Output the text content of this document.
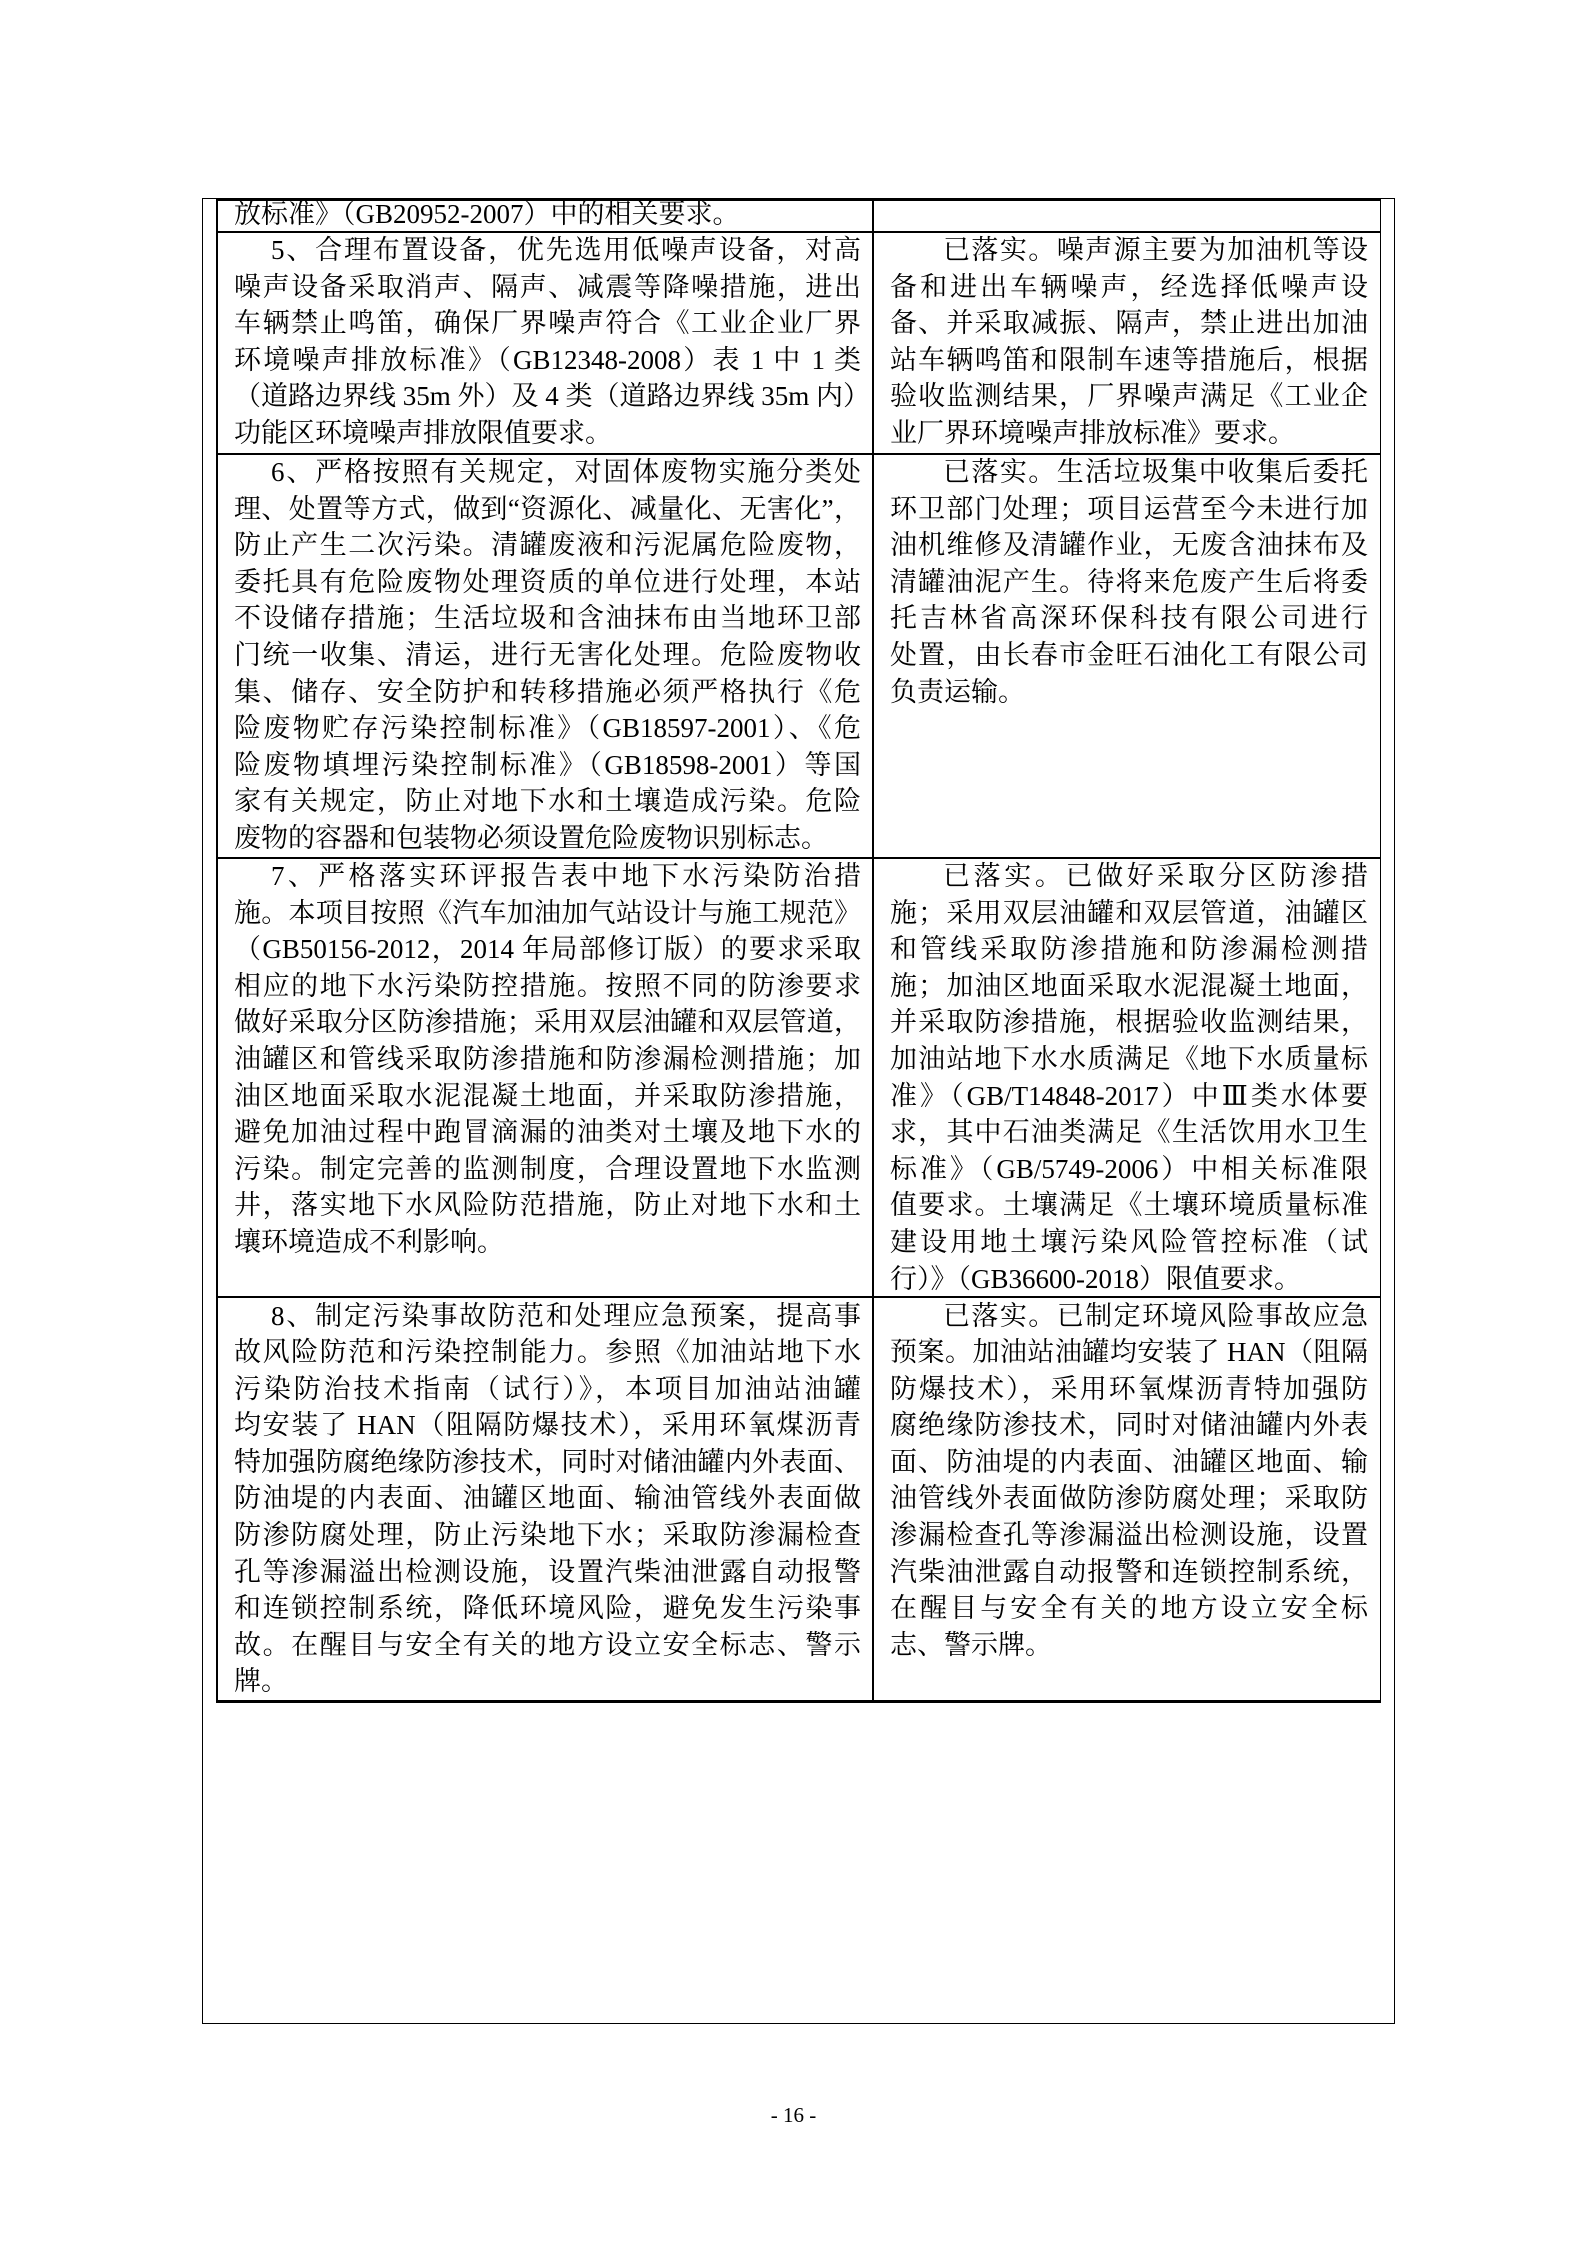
放标准》（GB20952-2007）中的相关要求。
5、合理布置设备，优先选用低噪声设备，对高
噪声设备采取消声、隔声、减震等降噪措施，进出
车辆禁止鸣笛，确保厂界噪声符合《工业企业厂界
环境噪声排放标准》（GB12348-2008）表 1 中 1 类
（道路边界线 35m 外）及 4 类（道路边界线 35m 内）
功能区环境噪声排放限值要求。
已落实。噪声源主要为加油机等设
备和进出车辆噪声，经选择低噪声设
备、并采取减振、隔声，禁止进出加油
站车辆鸣笛和限制车速等措施后，根据
验收监测结果，厂界噪声满足《工业企
业厂界环境噪声排放标准》要求。
6、严格按照有关规定，对固体废物实施分类处
理、处置等方式，做到“资源化、减量化、无害化”，
防止产生二次污染。清罐废液和污泥属危险废物，
委托具有危险废物处理资质的单位进行处理，本站
不设储存措施；生活垃圾和含油抹布由当地环卫部
门统一收集、清运，进行无害化处理。危险废物收
集、储存、安全防护和转移措施必须严格执行《危
险废物贮存污染控制标准》（GB18597-2001）、《危
险废物填埋污染控制标准》（GB18598-2001）等国
家有关规定，防止对地下水和土壤造成污染。危险
废物的容器和包装物必须设置危险废物识别标志。
已落实。生活垃圾集中收集后委托
环卫部门处理；项目运营至今未进行加
油机维修及清罐作业，无废含油抹布及
清罐油泥产生。待将来危废产生后将委
托吉林省高深环保科技有限公司进行
处置，由长春市金旺石油化工有限公司
负责运输。
7、严格落实环评报告表中地下水污染防治措
施。本项目按照《汽车加油加气站设计与施工规范》
（GB50156-2012，2014 年局部修订版）的要求采取
相应的地下水污染防控措施。按照不同的防渗要求
做好采取分区防渗措施；采用双层油罐和双层管道，
油罐区和管线采取防渗措施和防渗漏检测措施；加
油区地面采取水泥混凝土地面，并采取防渗措施，
避免加油过程中跑冒滴漏的油类对土壤及地下水的
污染。制定完善的监测制度，合理设置地下水监测
井，落实地下水风险防范措施，防止对地下水和土
壤环境造成不利影响。
已落实。已做好采取分区防渗措
施；采用双层油罐和双层管道，油罐区
和管线采取防渗措施和防渗漏检测措
施；加油区地面采取水泥混凝土地面，
并采取防渗措施，根据验收监测结果，
加油站地下水水质满足《地下水质量标
准》（GB/T14848-2017）中Ⅲ类水体要
求，其中石油类满足《生活饮用水卫生
标准》（GB/5749-2006）中相关标准限
值要求。土壤满足《土壤环境质量标准
建设用地土壤污染风险管控标准（试
行）》（GB36600-2018）限值要求。
8、制定污染事故防范和处理应急预案，提高事
故风险防范和污染控制能力。参照《加油站地下水
污染防治技术指南（试行）》，本项目加油站油罐
均安装了 HAN（阻隔防爆技术），采用环氧煤沥青
特加强防腐绝缘防渗技术，同时对储油罐内外表面、
防油堤的内表面、油罐区地面、输油管线外表面做
防渗防腐处理，防止污染地下水；采取防渗漏检查
孔等渗漏溢出检测设施，设置汽柴油泄露自动报警
和连锁控制系统，降低环境风险，避免发生污染事
故。在醒目与安全有关的地方设立安全标志、警示
牌。
已落实。已制定环境风险事故应急
预案。加油站油罐均安装了 HAN（阻隔
防爆技术），采用环氧煤沥青特加强防
腐绝缘防渗技术，同时对储油罐内外表
面、防油堤的内表面、油罐区地面、输
油管线外表面做防渗防腐处理；采取防
渗漏检查孔等渗漏溢出检测设施，设置
汽柴油泄露自动报警和连锁控制系统，
在醒目与安全有关的地方设立安全标
志、警示牌。
- 16 -
